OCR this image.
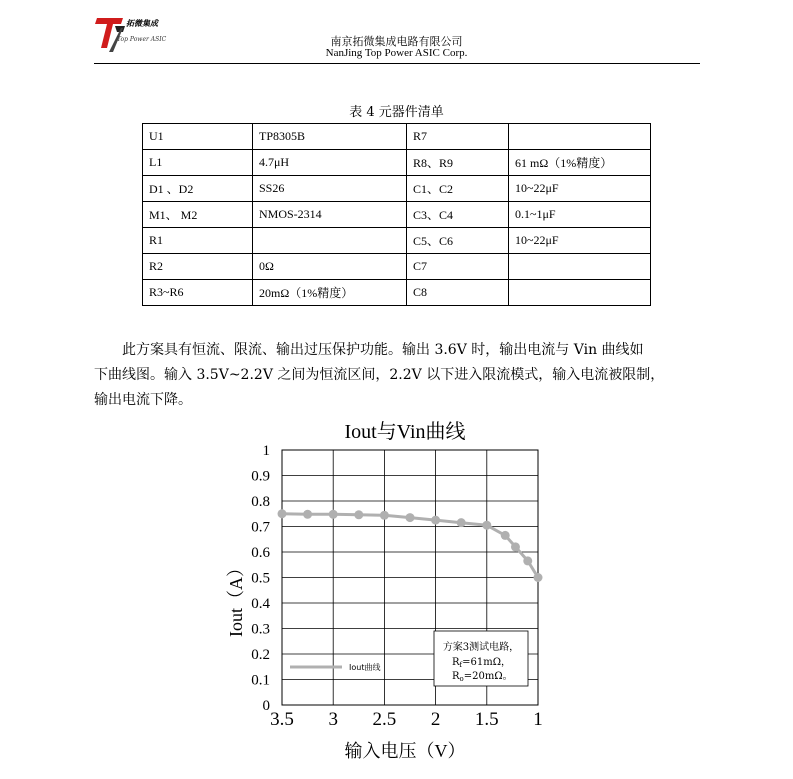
拓微集成
Top Power ASIC	南京拓微集成电路有限公司
NanJing Top Power ASIC Corp.
表 4 元器件清单
U1	TP8305B	R7	
L1	4.7μH	R8、R9	61 mΩ（1%精度）
D1 、D2	SS26	C1、C2	10~22μF
M1、 M2	NMOS-2314	C3、C4	0.1~1μF
R1		C5、C6	10~22μF
R2	0Ω	C7	
R3~R6	20mΩ（1%精度）	C8	

此方案具有恒流、限流、输出过压保护功能。输出 3.6V 时，输出电流与 Vin 曲线如

下曲线图。输入 3.5V~2.2V 之间为恒流区间，2.2V 以下进入限流模式，输入电流被限制，

输出电流下降。

Iout与Vin曲线
0
0.1
0.2
0.3
0.4
0.5
0.6
0.7
0.8
0.9
1
3.5 3 2.5 2 1.5 1
Iout（A）
输入电压（V）
Iout曲线
方案3测试电路，
$R_f=61m\Omega$，
$R_o=20m\Omega$。
